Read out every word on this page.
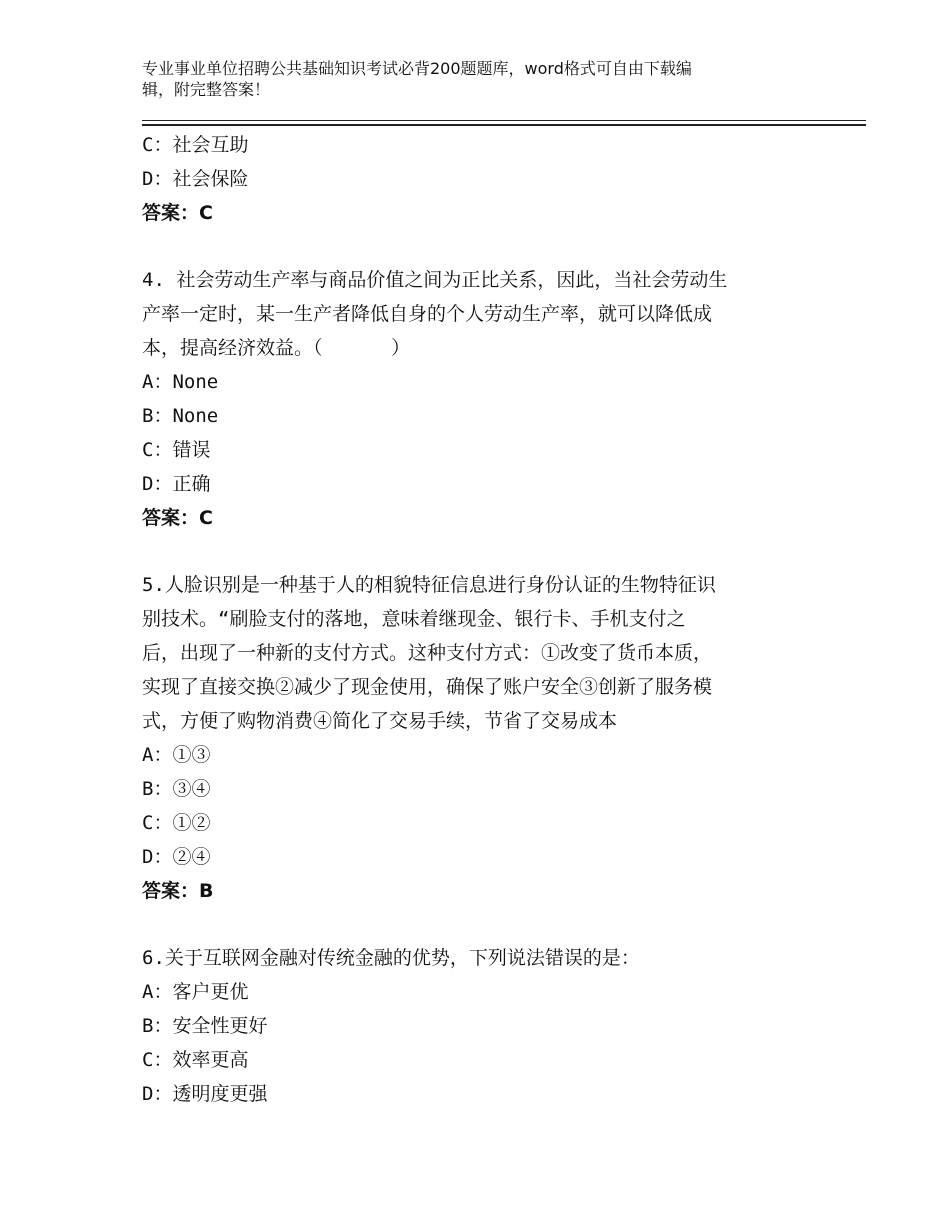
专业事业单位招聘公共基础知识考试必背200题题库，word格式可自由下载编
辑，附完整答案！
C：社会互助
D：社会保险
答案：C
4. 社会劳动生产率与商品价值之间为正比关系，因此，当社会劳动生
产率一定时，某一生产者降低自身的个人劳动生产率，就可以降低成
本，提高经济效益。（      ）
A：None
B：None
C：错误
D：正确
答案：C
5.人脸识别是一种基于人的相貌特征信息进行身份认证的生物特征识
别技术。“刷脸支付的落地，意味着继现金、银行卡、手机支付之
后，出现了一种新的支付方式。这种支付方式：①改变了货币本质，
实现了直接交换②减少了现金使用，确保了账户安全③创新了服务模
式，方便了购物消费④简化了交易手续，节省了交易成本
A：①③
B：③④
C：①②
D：②④
答案：B
6.关于互联网金融对传统金融的优势，下列说法错误的是：
A：客户更优
B：安全性更好
C：效率更高
D：透明度更强
